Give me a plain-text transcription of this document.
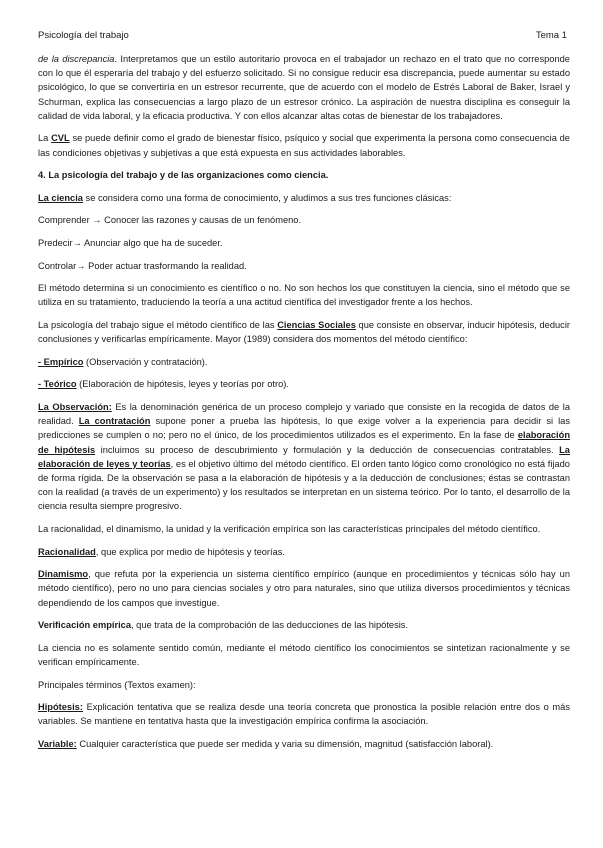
Psicología del trabajo	Tema 1

de la discrepancia. Interpretamos que un estilo autoritario provoca en el trabajador un rechazo en el trato que no corresponde con lo que él esperaría del trabajo y del esfuerzo solicitado. Si no consigue reducir esa discrepancia, puede aumentar su estado psicológico, lo que se convertiría en un estresor recurrente, que de acuerdo con el modelo de Estrés Laboral de Baker, Israel y Schurman, explica las consecuencias a largo plazo de un estresor crónico. La aspiración de nuestra disciplina es conseguir la calidad de vida laboral, y la eficacia productiva. Y con ellos alcanzar altas cotas de bienestar de los trabajadores.

La CVL se puede definir como el grado de bienestar físico, psíquico y social que experimenta la persona como consecuencia de las condiciones objetivas y subjetivas a que está expuesta en sus actividades laborables.

4. La psicología del trabajo y de las organizaciones como ciencia.

La ciencia se considera como una forma de conocimiento, y aludimos a sus tres funciones clásicas:

Comprender → Conocer las razones y causas de un fenómeno.

Predecir→ Anunciar algo que ha de suceder.

Controlar→ Poder actuar trasformando la realidad.

El método determina si un conocimiento es científico o no. No son hechos los que constituyen la ciencia, sino el método que se utiliza en su tratamiento, traduciendo la teoría a una actitud científica del investigador frente a los hechos.

La psicología del trabajo sigue el método científico de las Ciencias Sociales que consiste en observar, inducir hipótesis, deducir conclusiones y verificarlas empíricamente. Mayor (1989) considera dos momentos del método científico:

- Empírico (Observación y contratación).

- Teórico (Elaboración de hipótesis, leyes y teorías por otro).

La Observación: Es la denominación genérica de un proceso complejo y variado que consiste en la recogida de datos de la realidad. La contratación supone poner a prueba las hipótesis, lo que exige volver a la experiencia para decidir si las predicciones se cumplen o no; pero no el único, de los procedimientos utilizados es el experimento. En la fase de elaboración de hipótesis incluimos su proceso de descubrimiento y formulación y la deducción de consecuencias contratables. La elaboración de leyes y teorías, es el objetivo último del método científico. El orden tanto lógico como cronológico no está fijado de forma rígida. De la observación se pasa a la elaboración de hipótesis y a la deducción de conclusiones; éstas se contrastan con la realidad (a través de un experimento) y los resultados se interpretan en un sistema teórico. Por lo tanto, el desarrollo de la ciencia resulta siempre progresivo.

La racionalidad, el dinamismo, la unidad y la verificación empírica son las características principales del método científico.

Racionalidad, que explica por medio de hipótesis y teorías.

Dinamismo, que refuta por la experiencia un sistema científico empírico (aunque en procedimientos y técnicas sólo hay un método científico), pero no uno para ciencias sociales y otro para naturales, sino que utiliza diversos procedimientos y técnicas dependiendo de los campos que investigue.

Verificación empírica, que trata de la comprobación de las deducciones de las hipótesis.

La ciencia no es solamente sentido común, mediante el método científico los conocimientos se sintetizan racionalmente y se verifican empíricamente.

Principales términos (Textos examen):

Hipótesis: Explicación tentativa que se realiza desde una teoría concreta que pronostica la posible relación entre dos o más variables. Se mantiene en tentativa hasta que la investigación empírica confirma la asociación.

Variable: Cualquier característica que puede ser medida y varia su dimensión, magnitud (satisfacción laboral).
